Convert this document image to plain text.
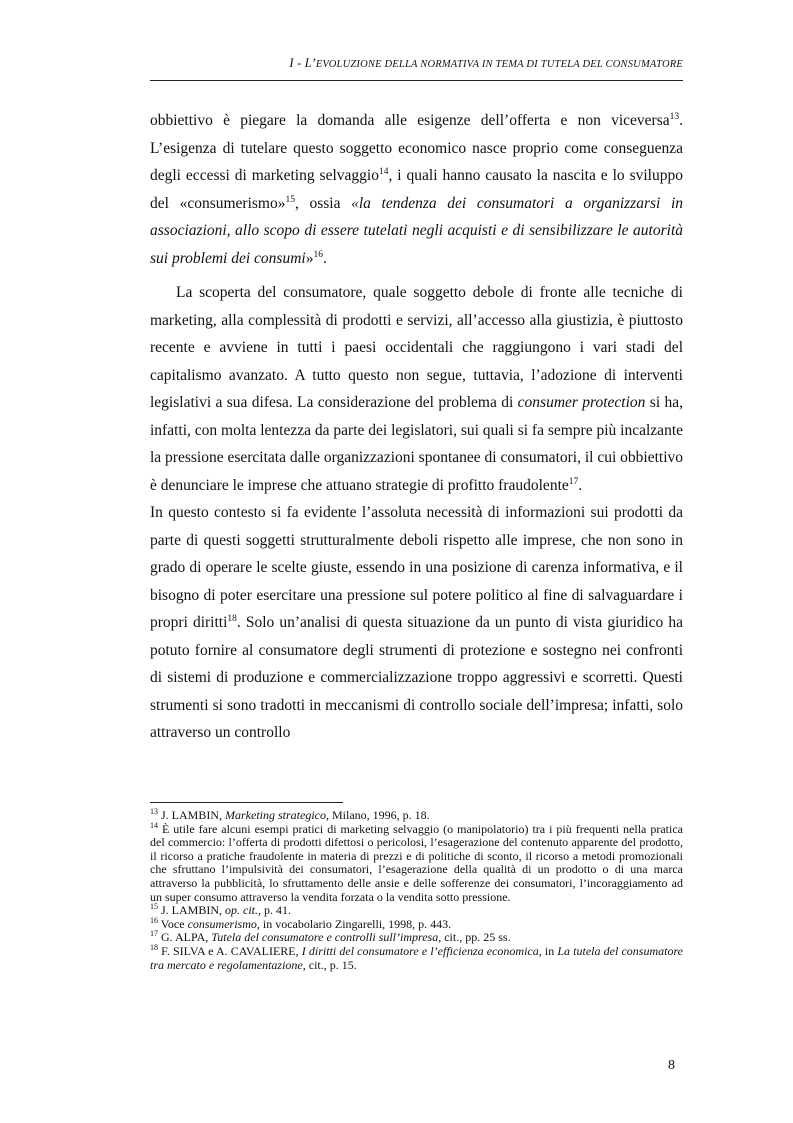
I - L’EVOLUZIONE DELLA NORMATIVA IN TEMA DI TUTELA DEL CONSUMATORE

obbiettivo è piegare la domanda alle esigenze dell’offerta e non viceversa$^{13}$. L’esigenza di tutelare questo soggetto economico nasce proprio come conseguenza degli eccessi di marketing selvaggio$^{14}$, i quali hanno causato la nascita e lo sviluppo del «consumerismo»$^{15}$, ossia «la tendenza dei consumatori a organizzarsi in associazioni, allo scopo di essere tutelati negli acquisti e di sensibilizzare le autorità sui problemi dei consumi»$^{16}$.

La scoperta del consumatore, quale soggetto debole di fronte alle tecniche di marketing, alla complessità di prodotti e servizi, all’accesso alla giustizia, è piuttosto recente e avviene in tutti i paesi occidentali che raggiungono i vari stadi del capitalismo avanzato. A tutto questo non segue, tuttavia, l’adozione di interventi legislativi a sua difesa. La considerazione del problema di consumer protection si ha, infatti, con molta lentezza da parte dei legislatori, sui quali si fa sempre più incalzante la pressione esercitata dalle organizzazioni spontanee di consumatori, il cui obbiettivo è denunciare le imprese che attuano strategie di profitto fraudolente$^{17}$.

In questo contesto si fa evidente l’assoluta necessità di informazioni sui prodotti da parte di questi soggetti strutturalmente deboli rispetto alle imprese, che non sono in grado di operare le scelte giuste, essendo in una posizione di carenza informativa, e il bisogno di poter esercitare una pressione sul potere politico al fine di salvaguardare i propri diritti$^{18}$. Solo un’analisi di questa situazione da un punto di vista giuridico ha potuto fornire al consumatore degli strumenti di protezione e sostegno nei confronti di sistemi di produzione e commercializzazione troppo aggressivi e scorretti. Questi strumenti si sono tradotti in meccanismi di controllo sociale dell’impresa; infatti, solo attraverso un controllo

$^{13}$ J. LAMBIN, Marketing strategico, Milano, 1996, p. 18.

$^{14}$ È utile fare alcuni esempi pratici di marketing selvaggio (o manipolatorio) tra i più frequenti nella pratica del commercio: l’offerta di prodotti difettosi o pericolosi, l’esagerazione del contenuto apparente del prodotto, il ricorso a pratiche fraudolente in materia di prezzi e di politiche di sconto, il ricorso a metodi promozionali che sfruttano l’impulsività dei consumatori, l’esagerazione della qualità di un prodotto o di una marca attraverso la pubblicità, lo sfruttamento delle ansie e delle sofferenze dei consumatori, l’incoraggiamento ad un super consumo attraverso la vendita forzata o la vendita sotto pressione.

$^{15}$ J. LAMBIN, op. cit., p. 41.

$^{16}$ Voce consumerismo, in vocabolario Zingarelli, 1998, p. 443.

$^{17}$ G. ALPA, Tutela del consumatore e controlli sull’impresa, cit., pp. 25 ss.

$^{18}$ F. SILVA e A. CAVALIERE, I diritti del consumatore e l’efficienza economica, in La tutela del consumatore tra mercato e regolamentazione, cit., p. 15.

8
